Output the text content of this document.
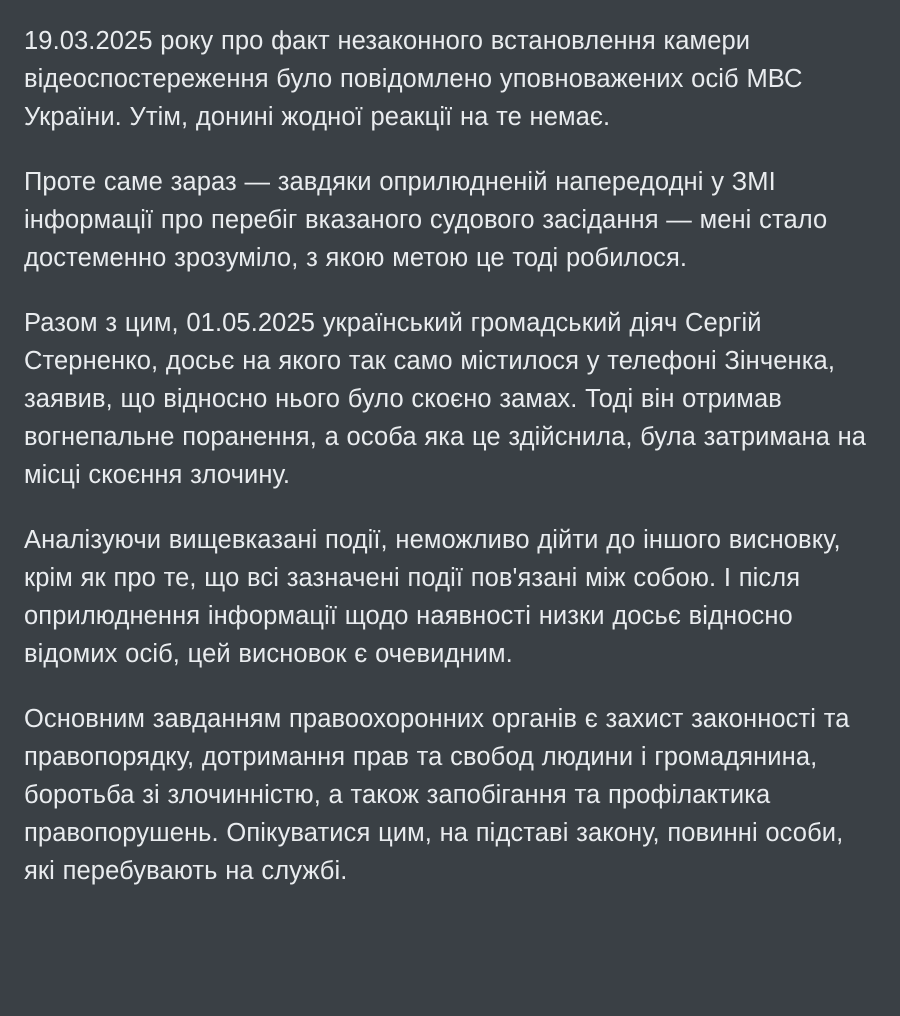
19.03.2025 року про факт незаконного встановлення камери відеоспостереження було повідомлено уповноважених осіб МВС України. Утім, донині жодної реакції на те немає.

Проте саме зараз — завдяки оприлюдненій напередодні у ЗМІ інформації про перебіг вказаного судового засідання — мені стало достеменно зрозуміло, з якою метою це тоді робилося.

Разом з цим, 01.05.2025 український громадський діяч Сергій Стерненко, досьє на якого так само містилося у телефоні Зінченка, заявив, що відносно нього було скоєно замах. Тоді він отримав вогнепальне поранення, а особа яка це здійснила, була затримана на місці скоєння злочину.

Аналізуючи вищевказані події, неможливо дійти до іншого висновку, крім як про те, що всі зазначені події пов'язані між собою. І після оприлюднення інформації щодо наявності низки досьє відносно відомих осіб, цей висновок є очевидним.

Основним завданням правоохоронних органів є захист законності та правопорядку, дотримання прав та свобод людини і громадянина, боротьба зі злочинністю, а також запобігання та профілактика правопорушень. Опікуватися цим, на підставі закону, повинні особи, які перебувають на службі.
